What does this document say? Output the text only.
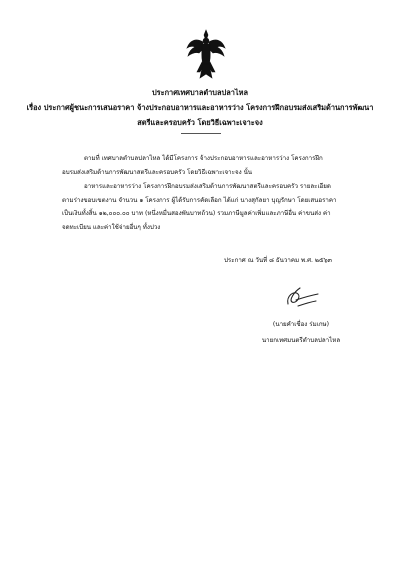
ประกาศเทศบาลตำบลปลาไหล
เรื่อง ประกาศผู้ชนะการเสนอราคา จ้างประกอบอาหารและอาหารว่าง โครงการฝึกอบรมส่งเสริมด้านการพัฒนา
สตรีและครอบครัว โดยวิธีเฉพาะเจาะจง
ตามที่ เทศบาลตำบลปลาไหล ได้มีโครงการ จ้างประกอบอาหารและอาหารว่าง โครงการฝึกอบรมส่งเสริมด้านการพัฒนาสตรีและครอบครัว โดยวิธีเฉพาะเจาะจง นั้น
อาหารและอาหารว่าง โครงการฝึกอบรมส่งเสริมด้านการพัฒนาสตรีและครอบครัว รายละเอียดตามร่างขอบเขตงาน จำนวน ๑ โครงการ ผู้ได้รับการคัดเลือก ได้แก่ นางสุกัลยา บุญรักษา โดยเสนอราคา เป็นเงินทั้งสิ้น ๑๒,๐๐๐.๐๐ บาท (หนึ่งหมื่นสองพันบาทถ้วน) รวมภาษีมูลค่าเพิ่มและภาษีอื่น ค่าขนส่ง ค่าจดทะเบียน และค่าใช้จ่ายอื่นๆ ทั้งปวง
ประกาศ ณ วันที่ ๘ ธันวาคม พ.ศ. ๒๕๖๓
(นายคำเชื่อง ร่มเกษ)
นายกเทศมนตรีตำบลปลาไหล
